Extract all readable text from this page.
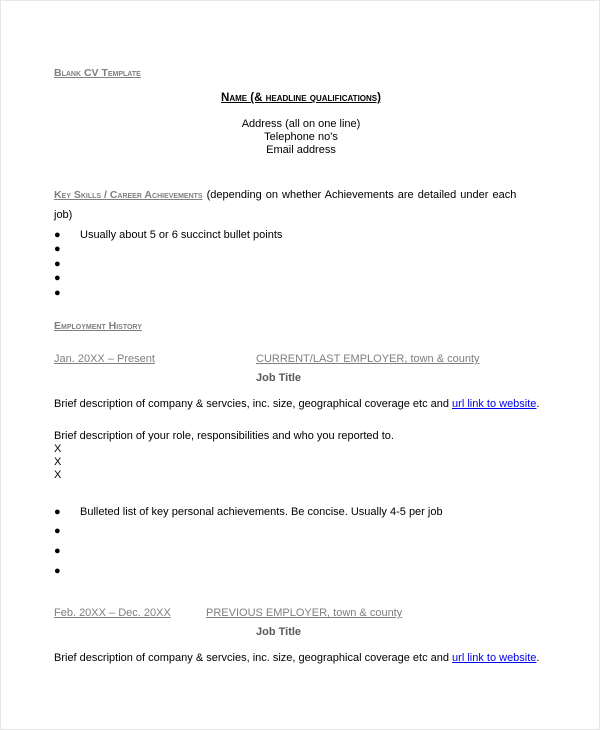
Blank CV Template
Name (& headline qualifications)
Address (all on one line)
Telephone no's
Email address
Key Skills / Career Achievements (depending on whether Achievements are detailed under each
job)
● Usually about 5 or 6 succinct bullet points
●
●
●
●
Employment History
Jan. 20XX – Present
	CURRENT/LAST EMPLOYER, town & county
Job Title
Brief description of company & servcies, inc. size, geographical coverage etc and url link to website.
Brief description of your role, responsibilities and who you reported to.
X
X
X
● Bulleted list of key personal achievements. Be concise. Usually 4-5 per job
●
●
●
Feb. 20XX – Dec. 20XX	PREVIOUS EMPLOYER, town & county
Job Title
Brief description of company & servcies, inc. size, geographical coverage etc and url link to website.
